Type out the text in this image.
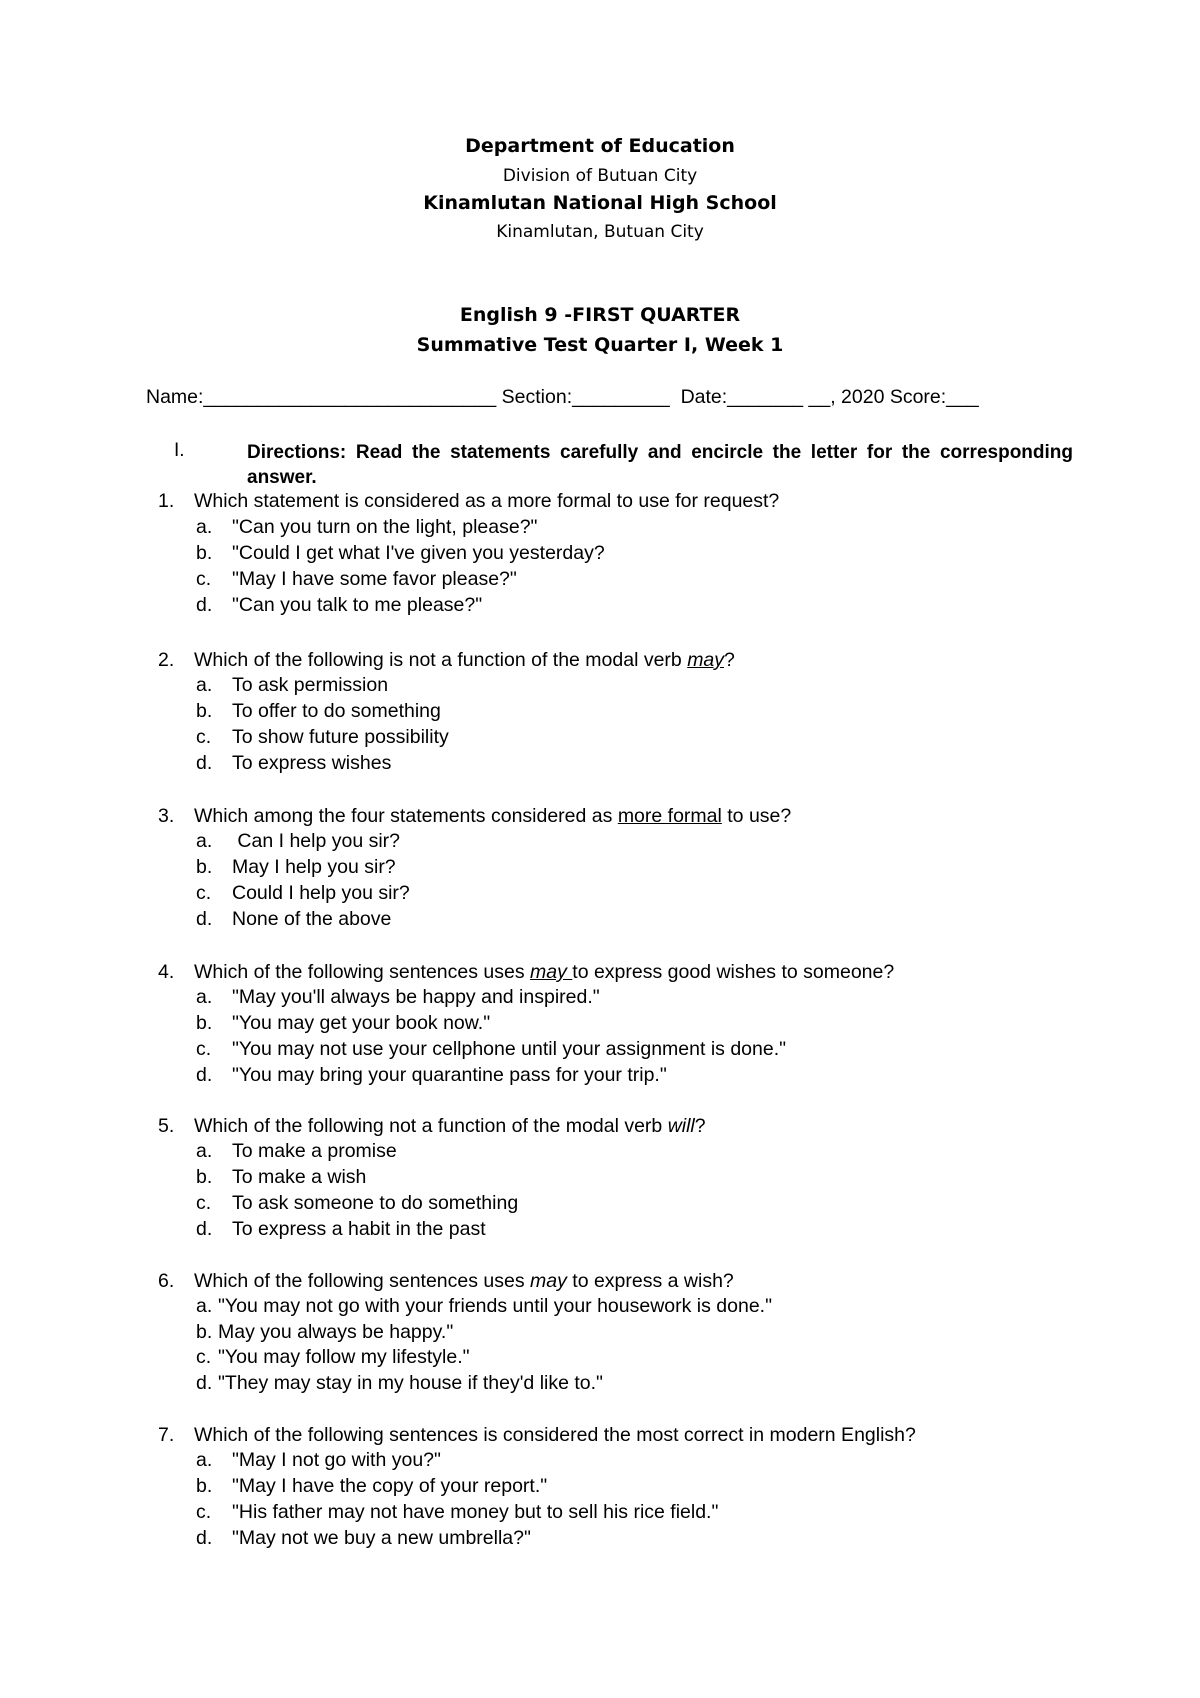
Department of Education
Division of Butuan City
Kinamlutan National High School
Kinamlutan, Butuan City
English 9 -FIRST QUARTER
Summative Test Quarter I, Week 1
Name:___________________________ Section:_________  Date:_______ __, 2020 Score:___
I.	Directions: Read the statements carefully and encircle the letter for the corresponding answer.
1. Which statement is considered as a more formal to use for request?
a. "Can you turn on the light, please?"
b. "Could I get what I've given you yesterday?
c. "May I have some favor please?"
d. "Can you talk to me please?"
2. Which of the following is not a function of the modal verb may?
a. To ask permission
b. To offer to do something
c. To show future possibility
d. To express wishes
3. Which among the four statements considered as more formal to use?
a. Can I help you sir?
b. May I help you sir?
c. Could I help you sir?
d. None of the above
4. Which of the following sentences uses may to express good wishes to someone?
a. "May you'll always be happy and inspired."
b. "You may get your book now."
c. "You may not use your cellphone until your assignment is done."
d. "You may bring your quarantine pass for your trip."
5. Which of the following not a function of the modal verb will?
a. To make a promise
b. To make a wish
c. To ask someone to do something
d. To express a habit in the past
6. Which of the following sentences uses may to express a wish?
a. "You may not go with your friends until your housework is done."
b. May you always be happy."
c. "You may follow my lifestyle."
d. "They may stay in my house if they'd like to."
7. Which of the following sentences is considered the most correct in modern English?
a. "May I not go with you?"
b. "May I have the copy of your report."
c. "His father may not have money but to sell his rice field."
d. "May not we buy a new umbrella?"
